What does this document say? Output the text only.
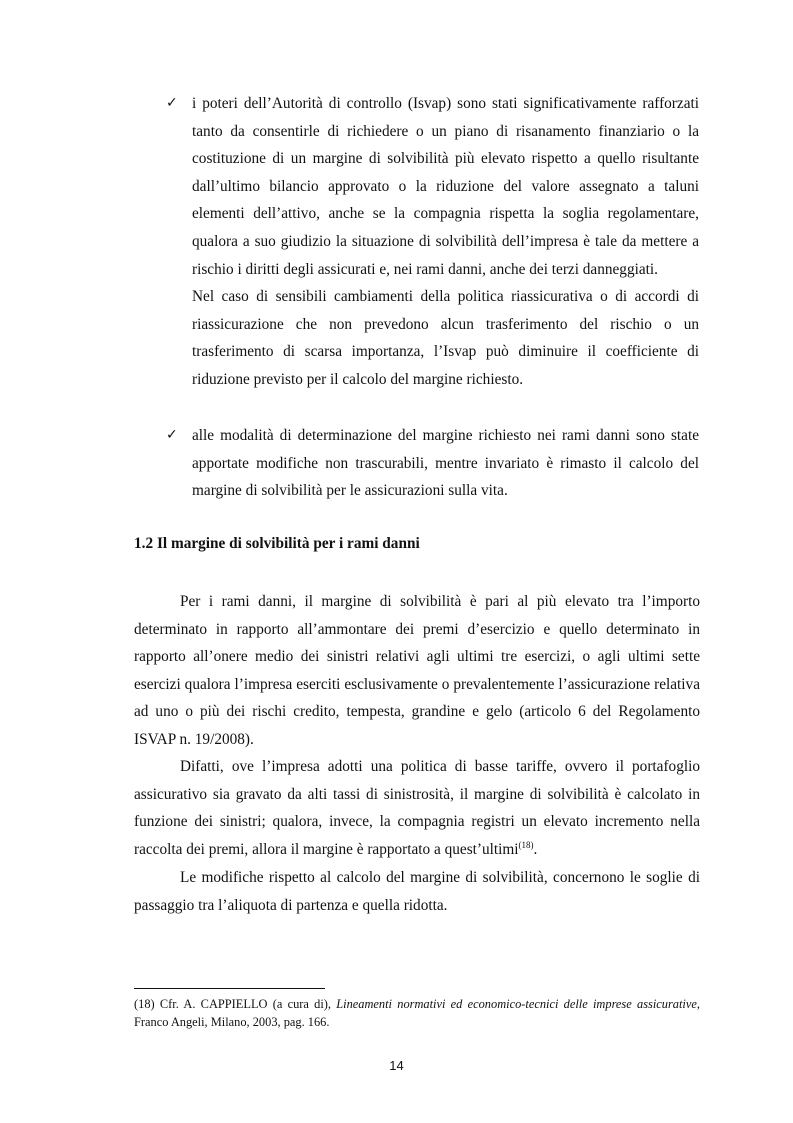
✓ i poteri dell’Autorità di controllo (Isvap) sono stati significativamente rafforzati tanto da consentirle di richiedere o un piano di risanamento finanziario o la costituzione di un margine di solvibilità più elevato rispetto a quello risultante dall’ultimo bilancio approvato o la riduzione del valore assegnato a taluni elementi dell’attivo, anche se la compagnia rispetta la soglia regolamentare, qualora a suo giudizio la situazione di solvibilità dell’impresa è tale da mettere a rischio i diritti degli assicurati e, nei rami danni, anche dei terzi danneggiati.
Nel caso di sensibili cambiamenti della politica riassicurativa o di accordi di riassicurazione che non prevedono alcun trasferimento del rischio o un trasferimento di scarsa importanza, l’Isvap può diminuire il coefficiente di riduzione previsto per il calcolo del margine richiesto.
✓ alle modalità di determinazione del margine richiesto nei rami danni sono state apportate modifiche non trascurabili, mentre invariato è rimasto il calcolo del margine di solvibilità per le assicurazioni sulla vita.
1.2 Il margine di solvibilità per i rami danni

Per i rami danni, il margine di solvibilità è pari al più elevato tra l’importo determinato in rapporto all’ammontare dei premi d’esercizio e quello determinato in rapporto all’onere medio dei sinistri relativi agli ultimi tre esercizi, o agli ultimi sette esercizi qualora l’impresa eserciti esclusivamente o prevalentemente l’assicurazione relativa ad uno o più dei rischi credito, tempesta, grandine e gelo (articolo 6 del Regolamento ISVAP n. 19/2008).

Difatti, ove l’impresa adotti una politica di basse tariffe, ovvero il portafoglio assicurativo sia gravato da alti tassi di sinistrosità, il margine di solvibilità è calcolato in funzione dei sinistri; qualora, invece, la compagnia registri un elevato incremento nella raccolta dei premi, allora il margine è rapportato a quest’ultimi$^{(18)}$.

Le modifiche rispetto al calcolo del margine di solvibilità, concernono le soglie di passaggio tra l’aliquota di partenza e quella ridotta.

(18) Cfr. A. CAPPIELLO (a cura di), Lineamenti normativi ed economico-tecnici delle imprese assicurative, Franco Angeli, Milano, 2003, pag. 166.

14
